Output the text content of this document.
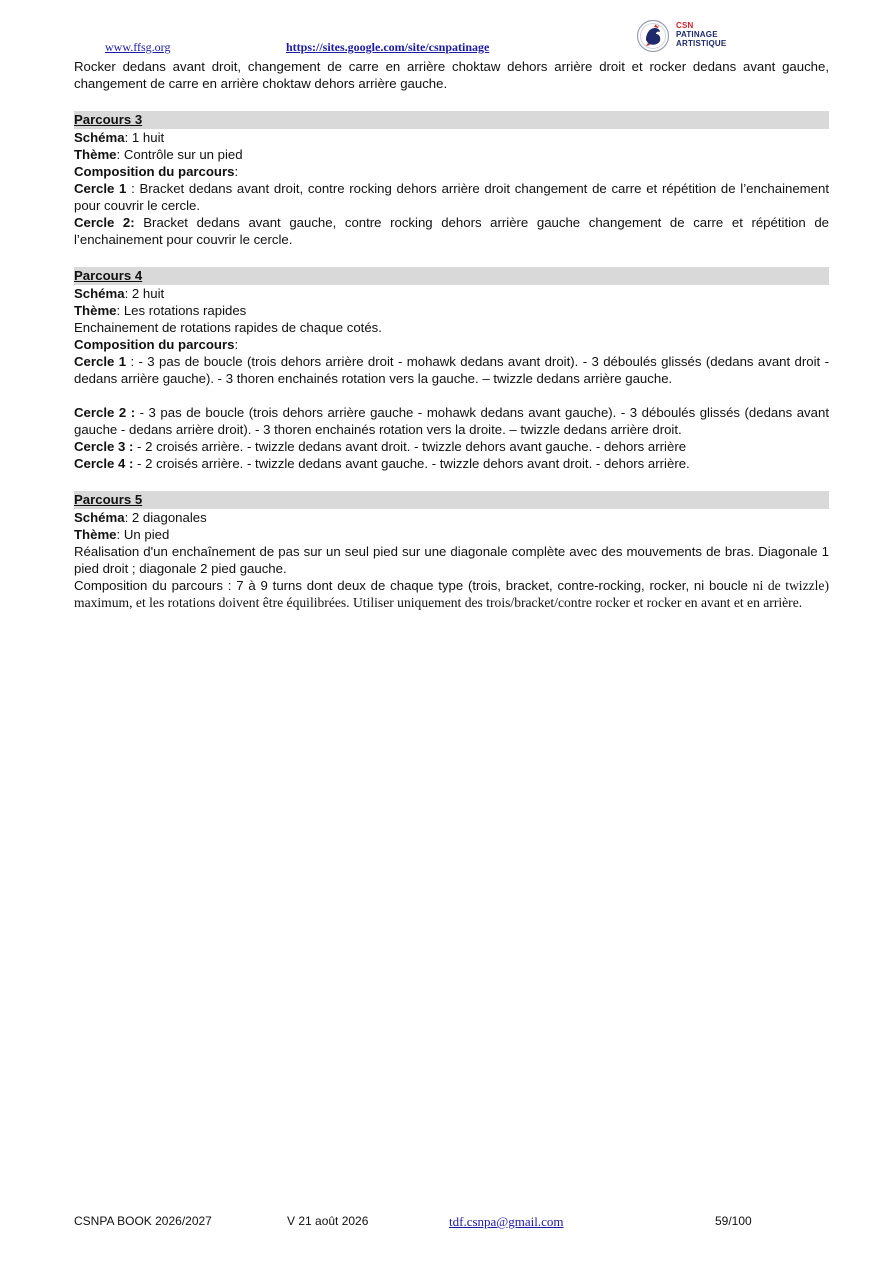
www.ffsg.org	https://sites.google.com/site/csnpatinage
CSN
PATINAGE
ARTISTIQUE

Rocker dedans avant droit, changement de carre en arrière choktaw dehors arrière droit et rocker dedans avant gauche, changement de carre en arrière choktaw dehors arrière gauche.

Parcours 3

Schéma: 1 huit

Thème: Contrôle sur un pied

Composition du parcours:

Cercle 1 : Bracket dedans avant droit, contre rocking dehors arrière droit changement de carre et répétition de l’enchainement pour couvrir le cercle.

Cercle 2: Bracket dedans avant gauche, contre rocking dehors arrière gauche changement de carre et répétition de l’enchainement pour couvrir le cercle.

Parcours 4

Schéma: 2 huit

Thème: Les rotations rapides

Enchainement de rotations rapides de chaque cotés.

Composition du parcours:

Cercle 1 : - 3 pas de boucle (trois dehors arrière droit - mohawk dedans avant droit). - 3 déboulés glissés (dedans avant droit - dedans arrière gauche). - 3 thoren enchainés rotation vers la gauche. – twizzle dedans arrière gauche.

Cercle 2 : - 3 pas de boucle (trois dehors arrière gauche - mohawk dedans avant gauche). - 3 déboulés glissés (dedans avant gauche - dedans arrière droit). - 3 thoren enchainés rotation vers la droite. – twizzle dedans arrière droit.

Cercle 3 : - 2 croisés arrière. - twizzle dedans avant droit. - twizzle dehors avant gauche. - dehors arrière

Cercle 4 : - 2 croisés arrière. - twizzle dedans avant gauche. - twizzle dehors avant droit. - dehors arrière.

Parcours 5

Schéma: 2 diagonales

Thème: Un pied

Réalisation d'un enchaînement de pas sur un seul pied sur une diagonale complète avec des mouvements de bras. Diagonale 1 pied droit ; diagonale 2 pied gauche.

Composition du parcours : 7 à 9 turns dont deux de chaque type (trois, bracket, contre-rocking, rocker, ni boucle ni de twizzle) maximum, et les rotations doivent être équilibrées. Utiliser uniquement des trois/bracket/contre rocker et rocker en avant et en arrière.

CSNPA BOOK 2026/2027	V 21 août 2026	tdf.csnpa@gmail.com	59/100
